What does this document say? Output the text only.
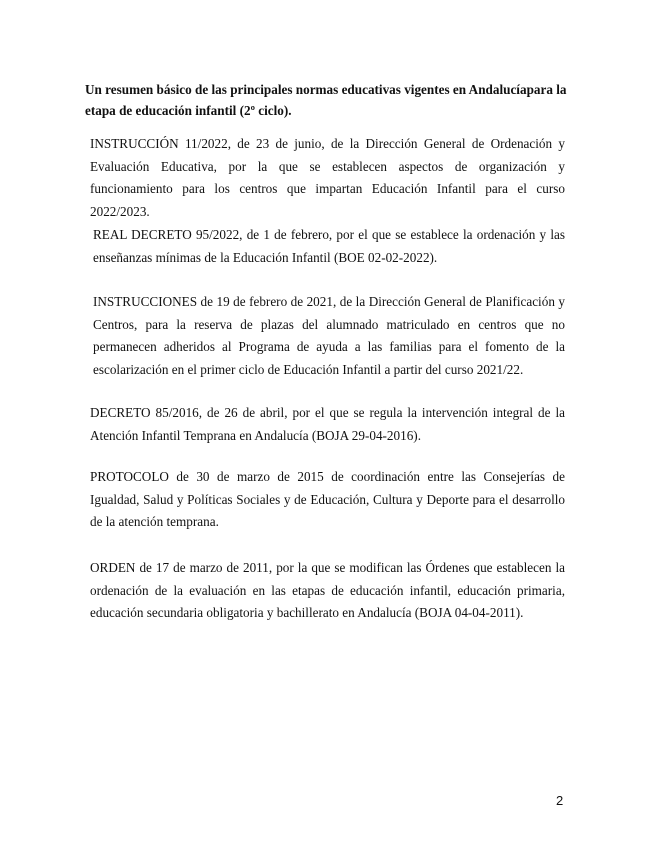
Un resumen básico de las principales normas educativas vigentes en Andalucíapara la etapa de educación infantil (2º ciclo).

INSTRUCCIÓN 11/2022, de 23 de junio, de la Dirección General de Ordenación y Evaluación Educativa, por la que se establecen aspectos de organización y funcionamiento para los centros que impartan Educación Infantil para el curso 2022/2023.

REAL DECRETO 95/2022, de 1 de febrero, por el que se establece la ordenación y las enseñanzas mínimas de la Educación Infantil (BOE 02-02-2022).

INSTRUCCIONES de 19 de febrero de 2021, de la Dirección General de Planificación y Centros, para la reserva de plazas del alumnado matriculado en centros que no permanecen adheridos al Programa de ayuda a las familias para el fomento de la escolarización en el primer ciclo de Educación Infantil a partir del curso 2021/22.

DECRETO 85/2016, de 26 de abril, por el que se regula la intervención integral de la Atención Infantil Temprana en Andalucía (BOJA 29-04-2016).

PROTOCOLO de 30 de marzo de 2015 de coordinación entre las Consejerías de Igualdad, Salud y Políticas Sociales y de Educación, Cultura y Deporte para el desarrollo de la atención temprana.

ORDEN de 17 de marzo de 2011, por la que se modifican las Órdenes que establecen la ordenación de la evaluación en las etapas de educación infantil, educación primaria, educación secundaria obligatoria y bachillerato en Andalucía (BOJA 04-04-2011).

2
